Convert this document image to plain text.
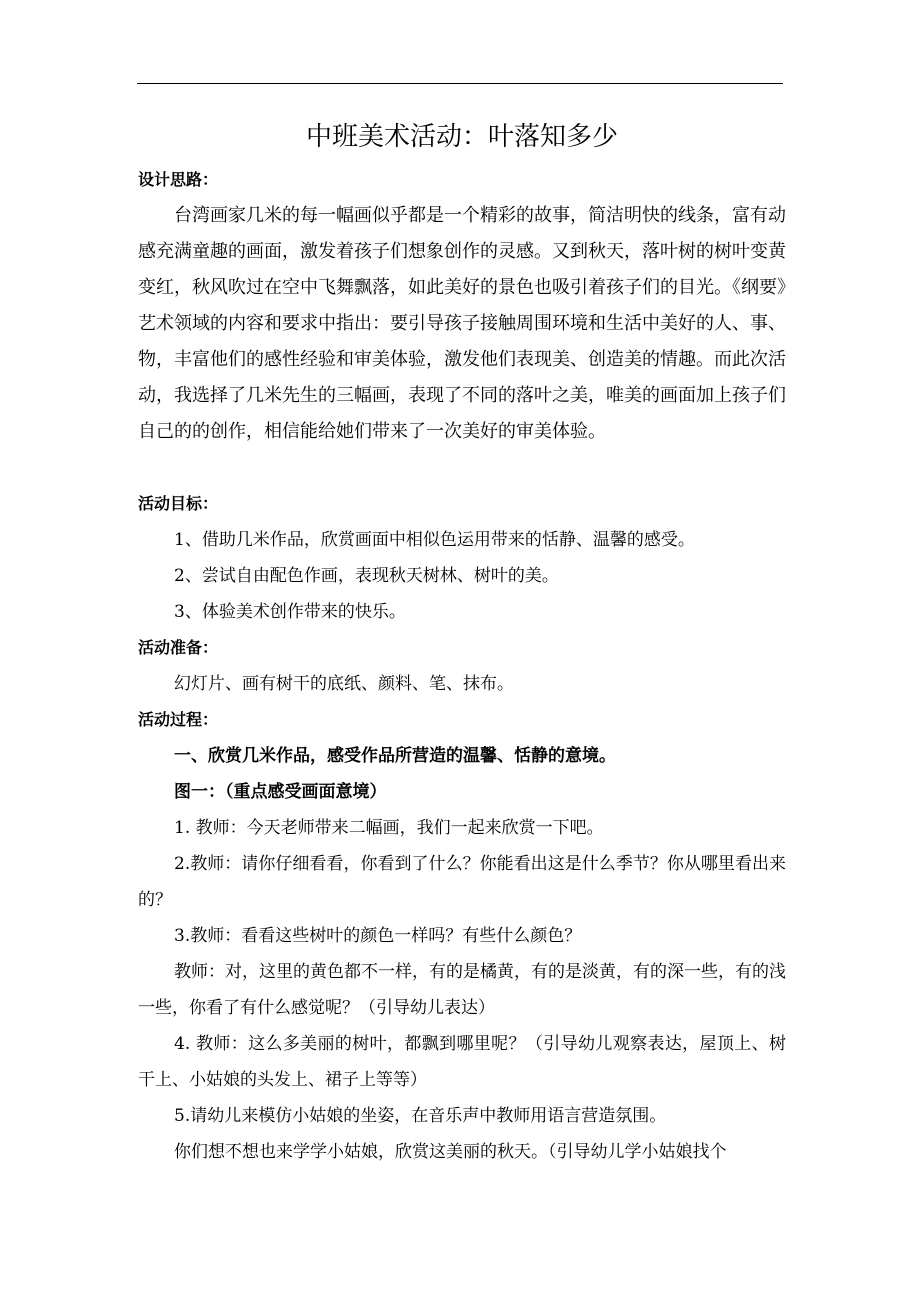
中班美术活动：叶落知多少

设计思路：

台湾画家几米的每一幅画似乎都是一个精彩的故事，简洁明快的线条，富有动感充满童趣的画面，激发着孩子们想象创作的灵感。又到秋天，落叶树的树叶变黄变红，秋风吹过在空中飞舞飘落，如此美好的景色也吸引着孩子们的目光。《纲要》艺术领域的内容和要求中指出：要引导孩子接触周围环境和生活中美好的人、事、物，丰富他们的感性经验和审美体验，激发他们表现美、创造美的情趣。而此次活动，我选择了几米先生的三幅画，表现了不同的落叶之美，唯美的画面加上孩子们自己的的创作，相信能给她们带来了一次美好的审美体验。

活动目标：

1、借助几米作品，欣赏画面中相似色运用带来的恬静、温馨的感受。

2、尝试自由配色作画，表现秋天树林、树叶的美。

3、体验美术创作带来的快乐。

活动准备：

幻灯片、画有树干的底纸、颜料、笔、抹布。

活动过程：

一、欣赏几米作品，感受作品所营造的温馨、恬静的意境。

图一：（重点感受画面意境）

1. 教师：今天老师带来二幅画，我们一起来欣赏一下吧。

2.教师：请你仔细看看，你看到了什么？你能看出这是什么季节？你从哪里看出来的？

3.教师：看看这些树叶的颜色一样吗？有些什么颜色？

教师：对，这里的黄色都不一样，有的是橘黄，有的是淡黄，有的深一些，有的浅一些，你看了有什么感觉呢？（引导幼儿表达）

4. 教师：这么多美丽的树叶，都飘到哪里呢？（引导幼儿观察表达，屋顶上、树干上、小姑娘的头发上、裙子上等等）

5.请幼儿来模仿小姑娘的坐姿，在音乐声中教师用语言营造氛围。

你们想不想也来学学小姑娘，欣赏这美丽的秋天。（引导幼儿学小姑娘找个
